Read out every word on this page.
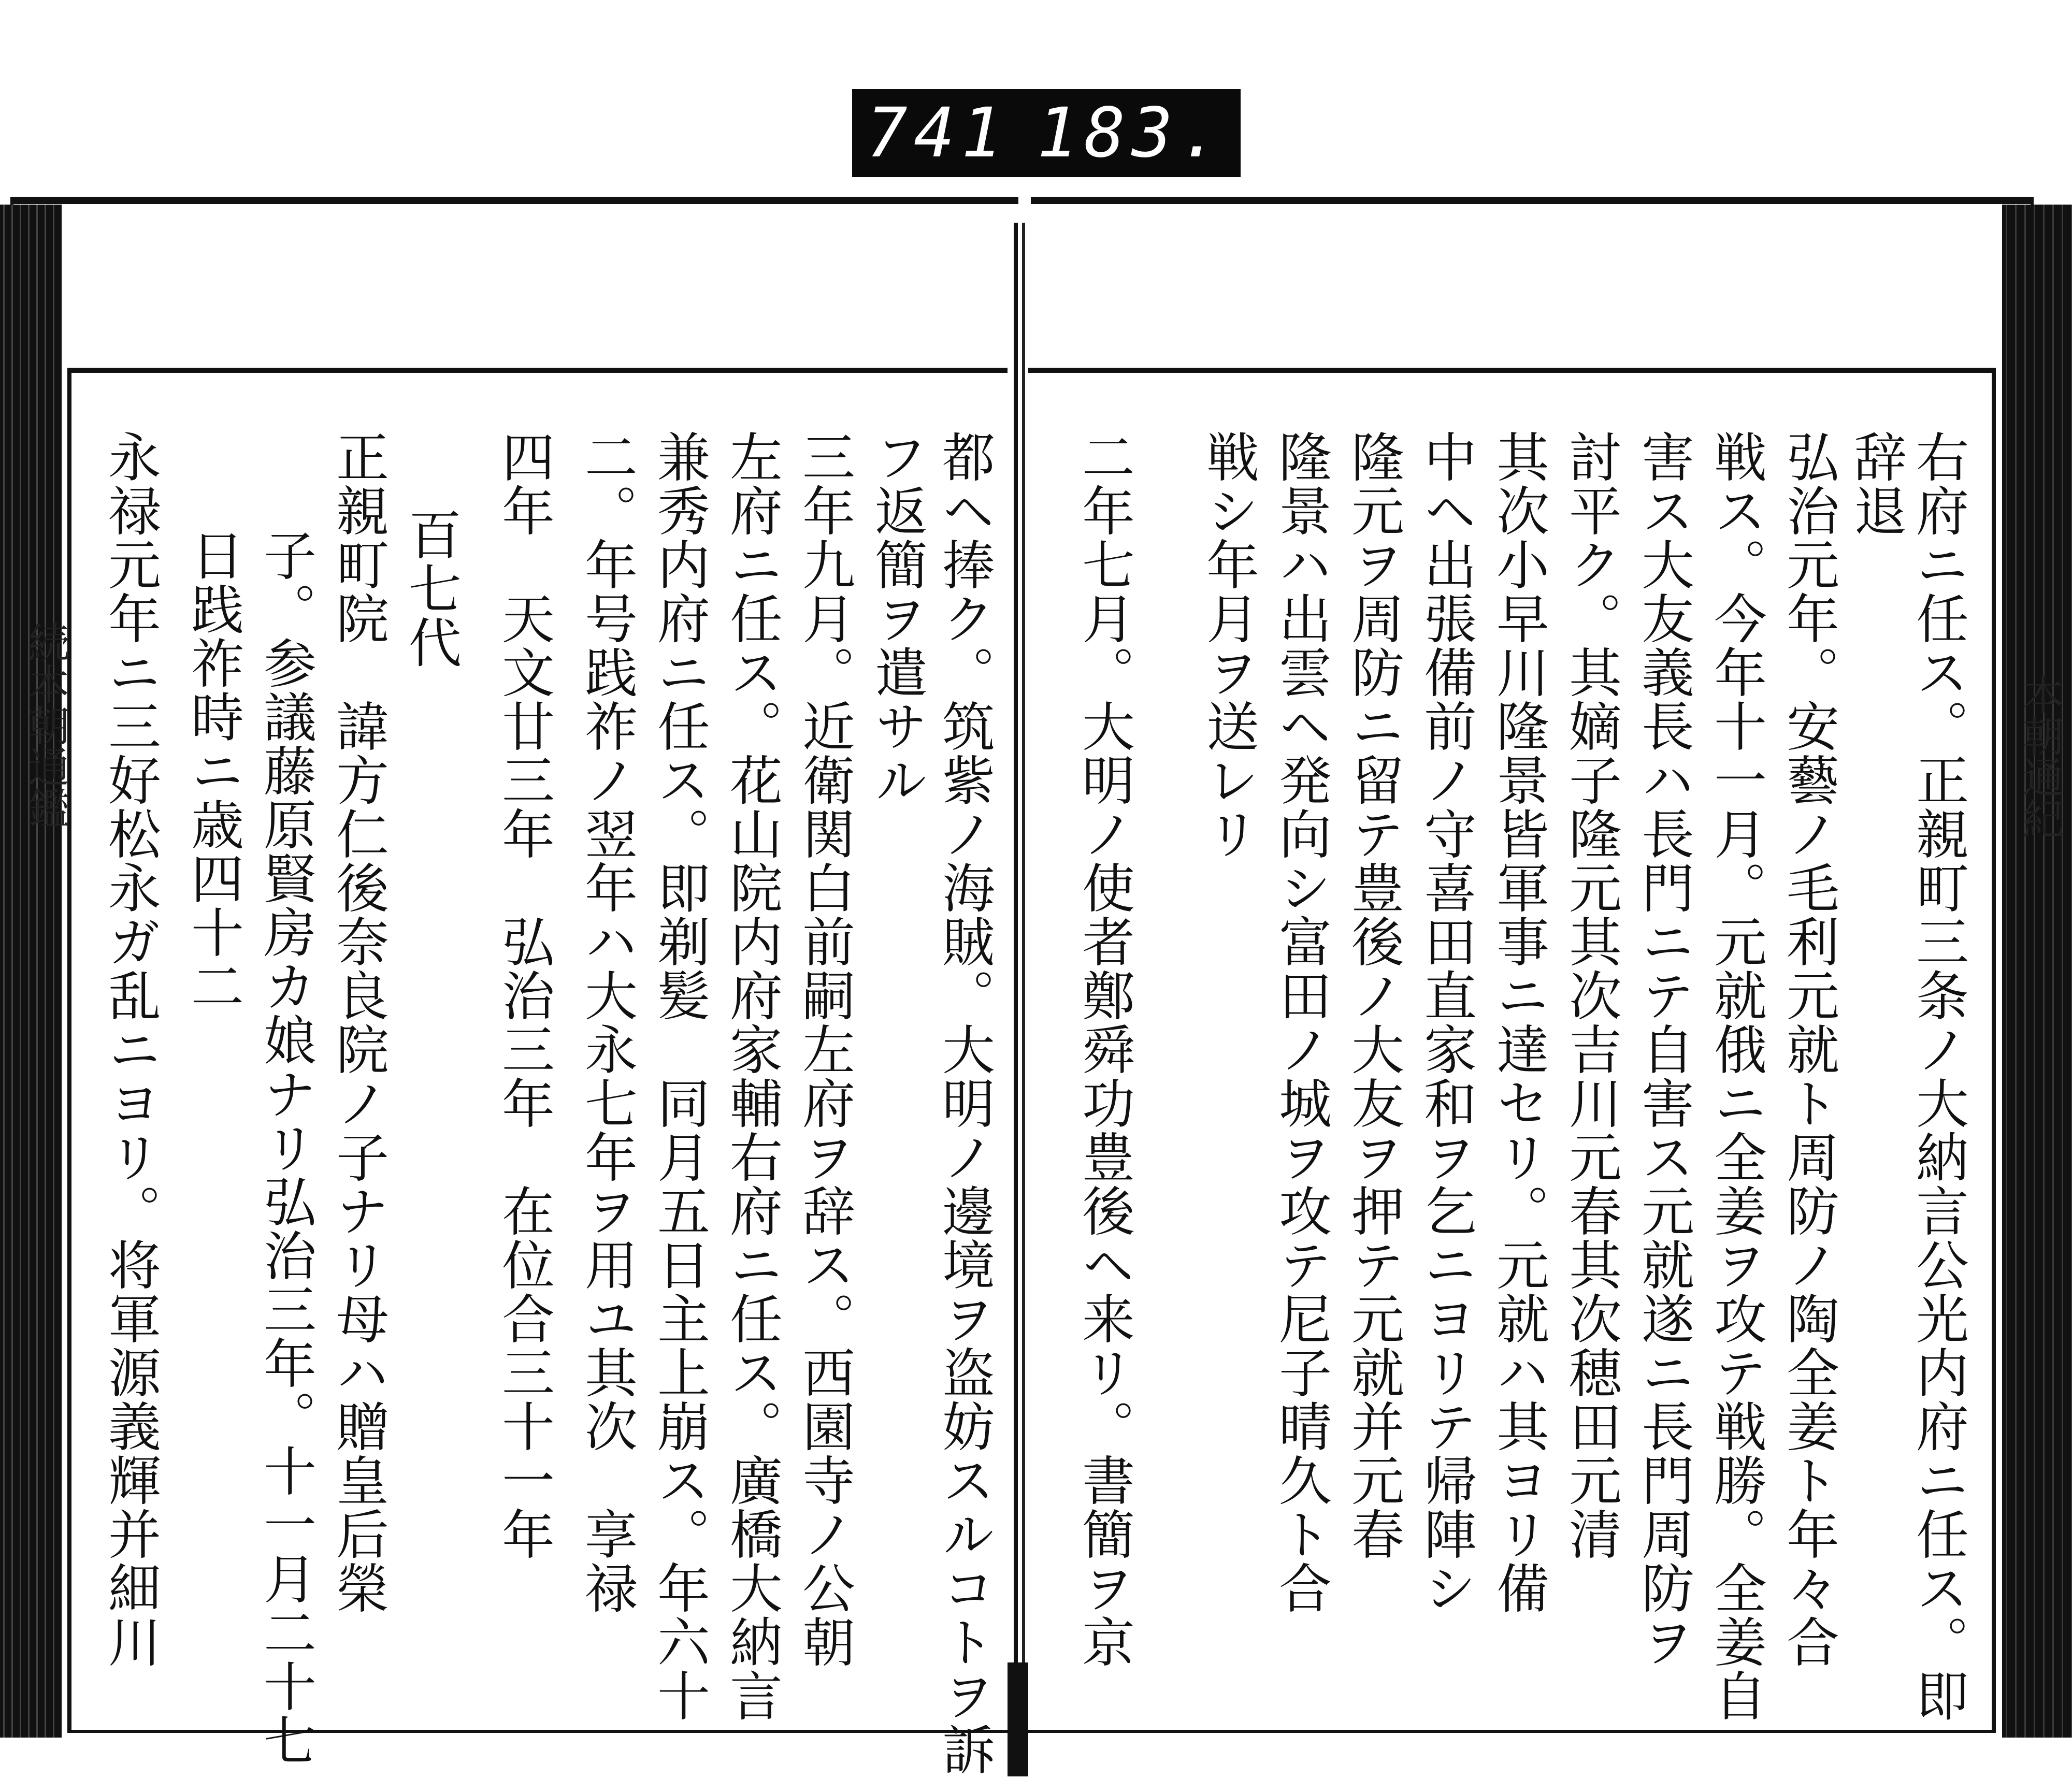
741 183.
続本朝通鑑	本朝通紀
右府ニ任ス。正親町三条ノ大納言公光内府ニ任ス。即
辞退
弘治元年。安藝ノ毛利元就ト周防ノ陶全姜ト年々合
戦ス。今年十一月。元就俄ニ全姜ヲ攻テ戦勝。全姜自
害ス大友義長ハ長門ニテ自害ス元就遂ニ長門周防ヲ
討平ク。其嫡子隆元其次吉川元春其次穂田元清
其次小早川隆景皆軍事ニ達セリ。元就ハ其ヨリ備
中ヘ出張備前ノ守喜田直家和ヲ乞ニヨリテ帰陣シ
隆元ヲ周防ニ留テ豊後ノ大友ヲ押テ元就并元春
隆景ハ出雲ヘ発向シ富田ノ城ヲ攻テ尼子晴久ト合
戦シ年月ヲ送レリ
二年七月。大明ノ使者鄭舜功豊後ヘ来リ。書簡ヲ京
都ヘ捧ク。筑紫ノ海賊。大明ノ邊境ヲ盗妨スルコトヲ訴
フ返簡ヲ遣サル
三年九月。近衛関白前嗣左府ヲ辞ス。西園寺ノ公朝
左府ニ任ス。花山院内府家輔右府ニ任ス。廣橋大納言
兼秀内府ニ任ス。即剃髪　同月五日主上崩ス。年六十
二。年号践祚ノ翌年ハ大永七年ヲ用ユ其次　享禄
四年　天文廿三年　弘治三年　在位合三十一年
百七代
正親町院　諱方仁後奈良院ノ子ナリ母ハ贈皇后榮
子。参議藤原賢房カ娘ナリ弘治三年。十一月二十七
日践祚時ニ歳四十二
永禄元年ニ三好松永ガ乱ニヨリ。将軍源義輝并細川
